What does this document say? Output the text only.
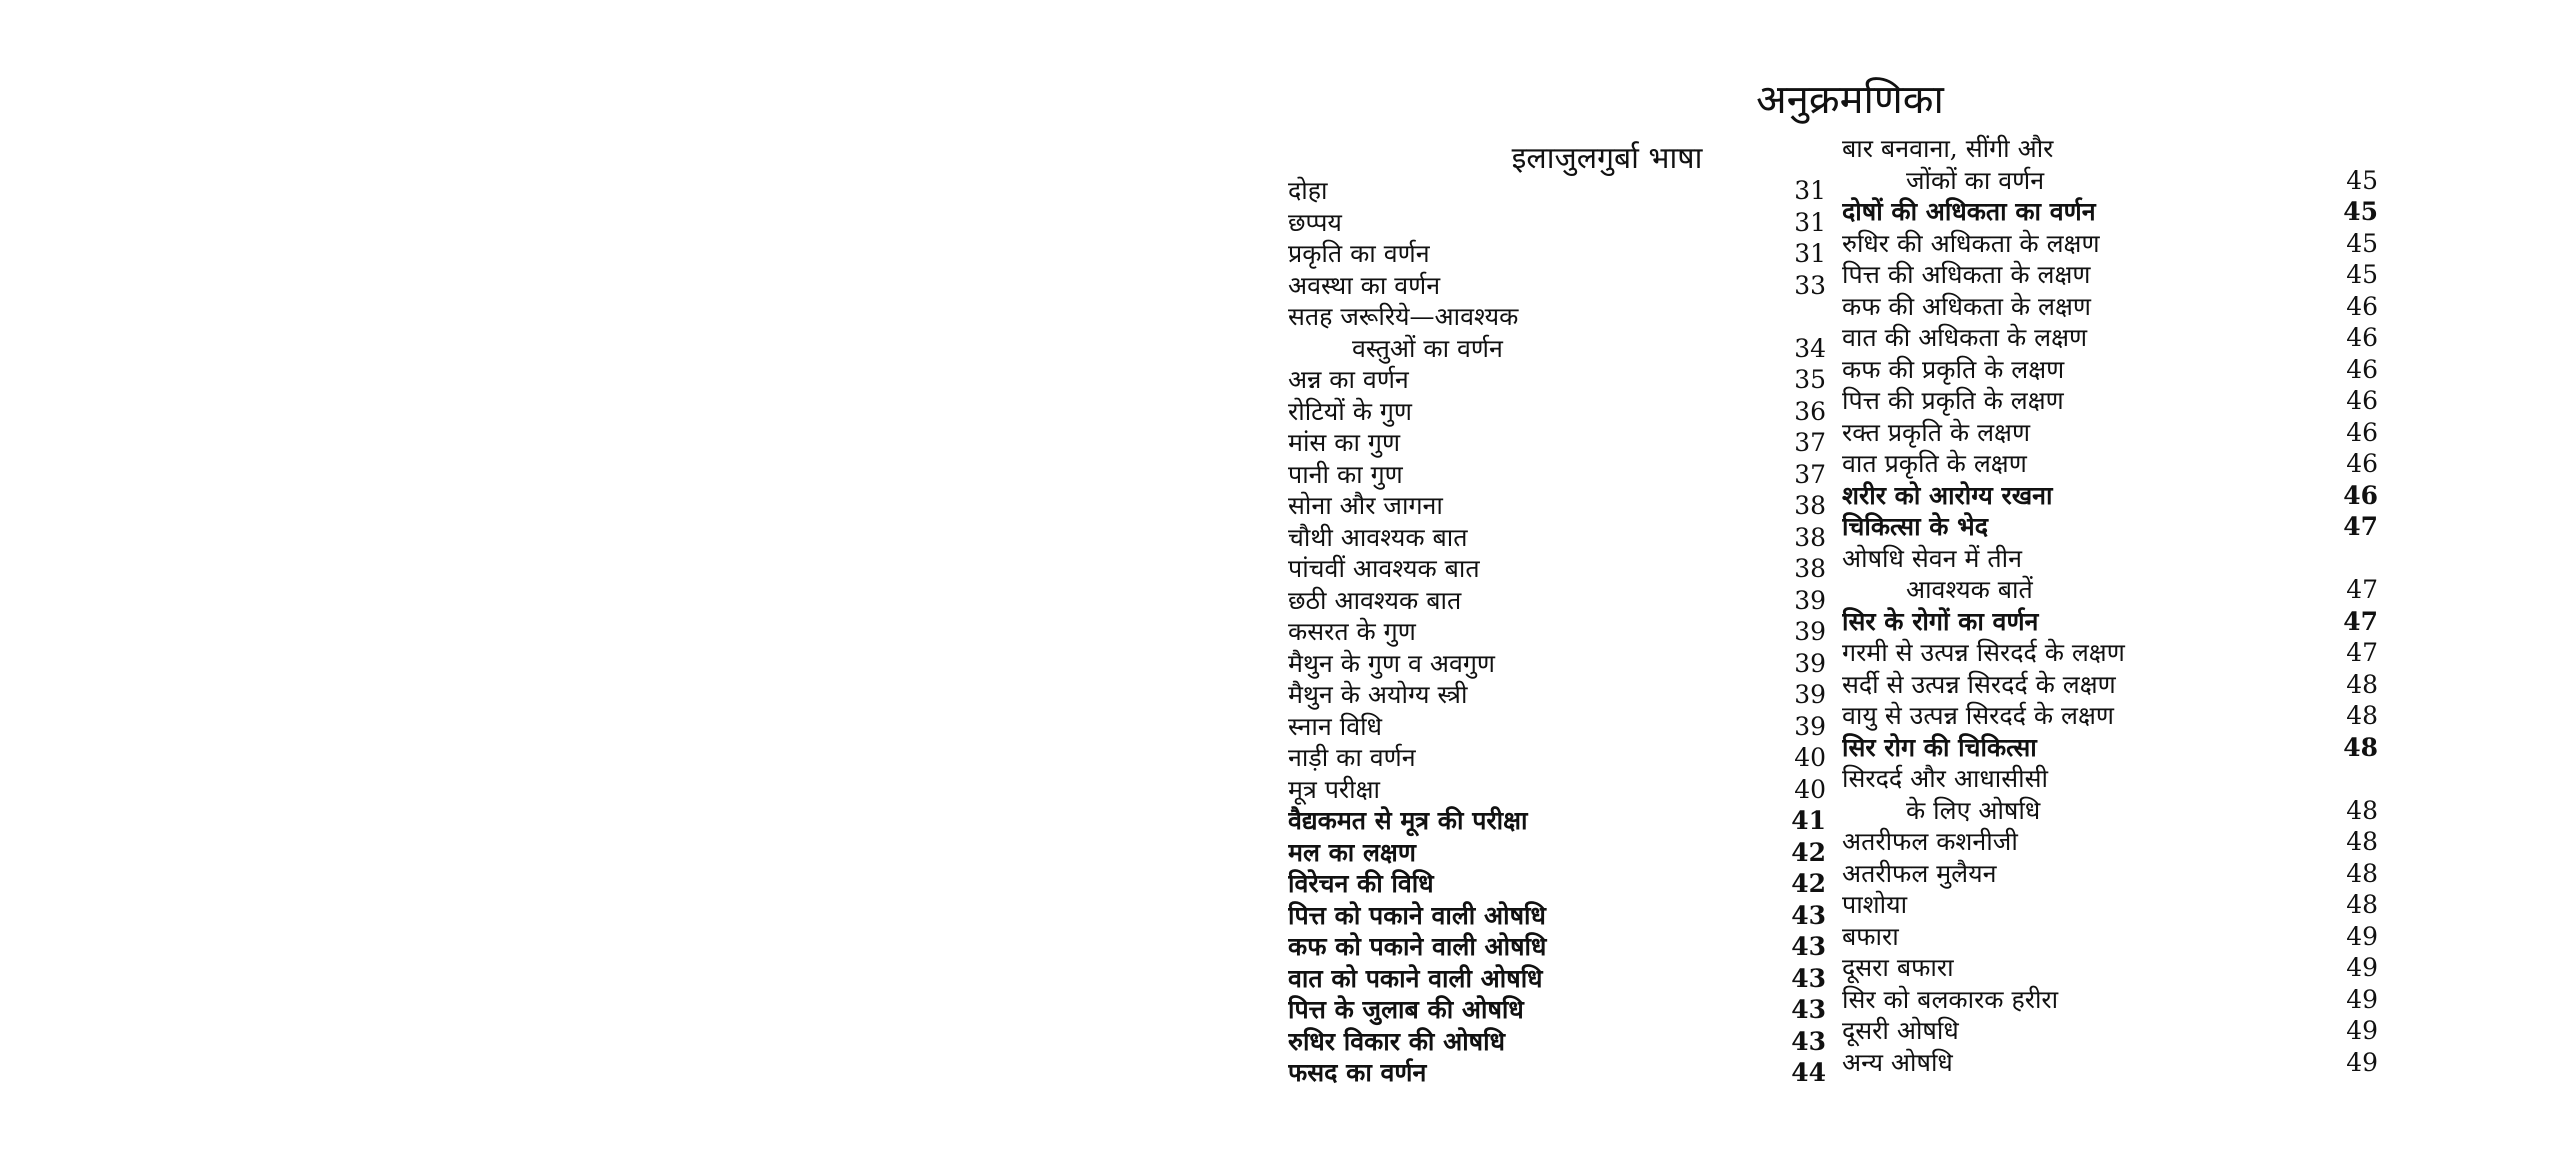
अनुक्रमणिका
इलाजुलगुर्बा भाषा
दोहा	31
छप्पय	31
प्रकृति का वर्णन	31
अवस्था का वर्णन	33
सतह जरूरिये—आवश्यक
वस्तुओं का वर्णन	34
अन्न का वर्णन	35
रोटियों के गुण	36
मांस का गुण	37
पानी का गुण	37
सोना और जागना	38
चौथी आवश्यक बात	38
पांचवीं आवश्यक बात	38
छठी आवश्यक बात	39
कसरत के गुण	39
मैथुन के गुण व अवगुण	39
मैथुन के अयोग्य स्त्री	39
स्नान विधि	39
नाड़ी का वर्णन	40
मूत्र परीक्षा	40
वैद्यकमत से मूत्र की परीक्षा	41
मल का लक्षण	42
विरेचन की विधि	42
पित्त को पकाने वाली ओषधि	43
कफ को पकाने वाली ओषधि	43
वात को पकाने वाली ओषधि	43
पित्त के जुलाब की ओषधि	43
रुधिर विकार की ओषधि	43
फसद का वर्णन	44
बार बनवाना, सींगी और
जोंकों का वर्णन	45
दोषों की अधिकता का वर्णन	45
रुधिर की अधिकता के लक्षण	45
पित्त की अधिकता के लक्षण	45
कफ की अधिकता के लक्षण	46
वात की अधिकता के लक्षण	46
कफ की प्रकृति के लक्षण	46
पित्त की प्रकृति के लक्षण	46
रक्त प्रकृति के लक्षण	46
वात प्रकृति के लक्षण	46
शरीर को आरोग्य रखना	46
चिकित्सा के भेद	47
ओषधि सेवन में तीन
आवश्यक बातें	47
सिर के रोगों का वर्णन	47
गरमी से उत्पन्न सिरदर्द के लक्षण	47
सर्दी से उत्पन्न सिरदर्द के लक्षण	48
वायु से उत्पन्न सिरदर्द के लक्षण	48
सिर रोग की चिकित्सा	48
सिरदर्द और आधासीसी
के लिए ओषधि	48
अतरीफल कशनीजी	48
अतरीफल मुलैयन	48
पाशोया	48
बफारा	49
दूसरा बफारा	49
सिर को बलकारक हरीरा	49
दूसरी ओषधि	49
अन्य ओषधि	49
